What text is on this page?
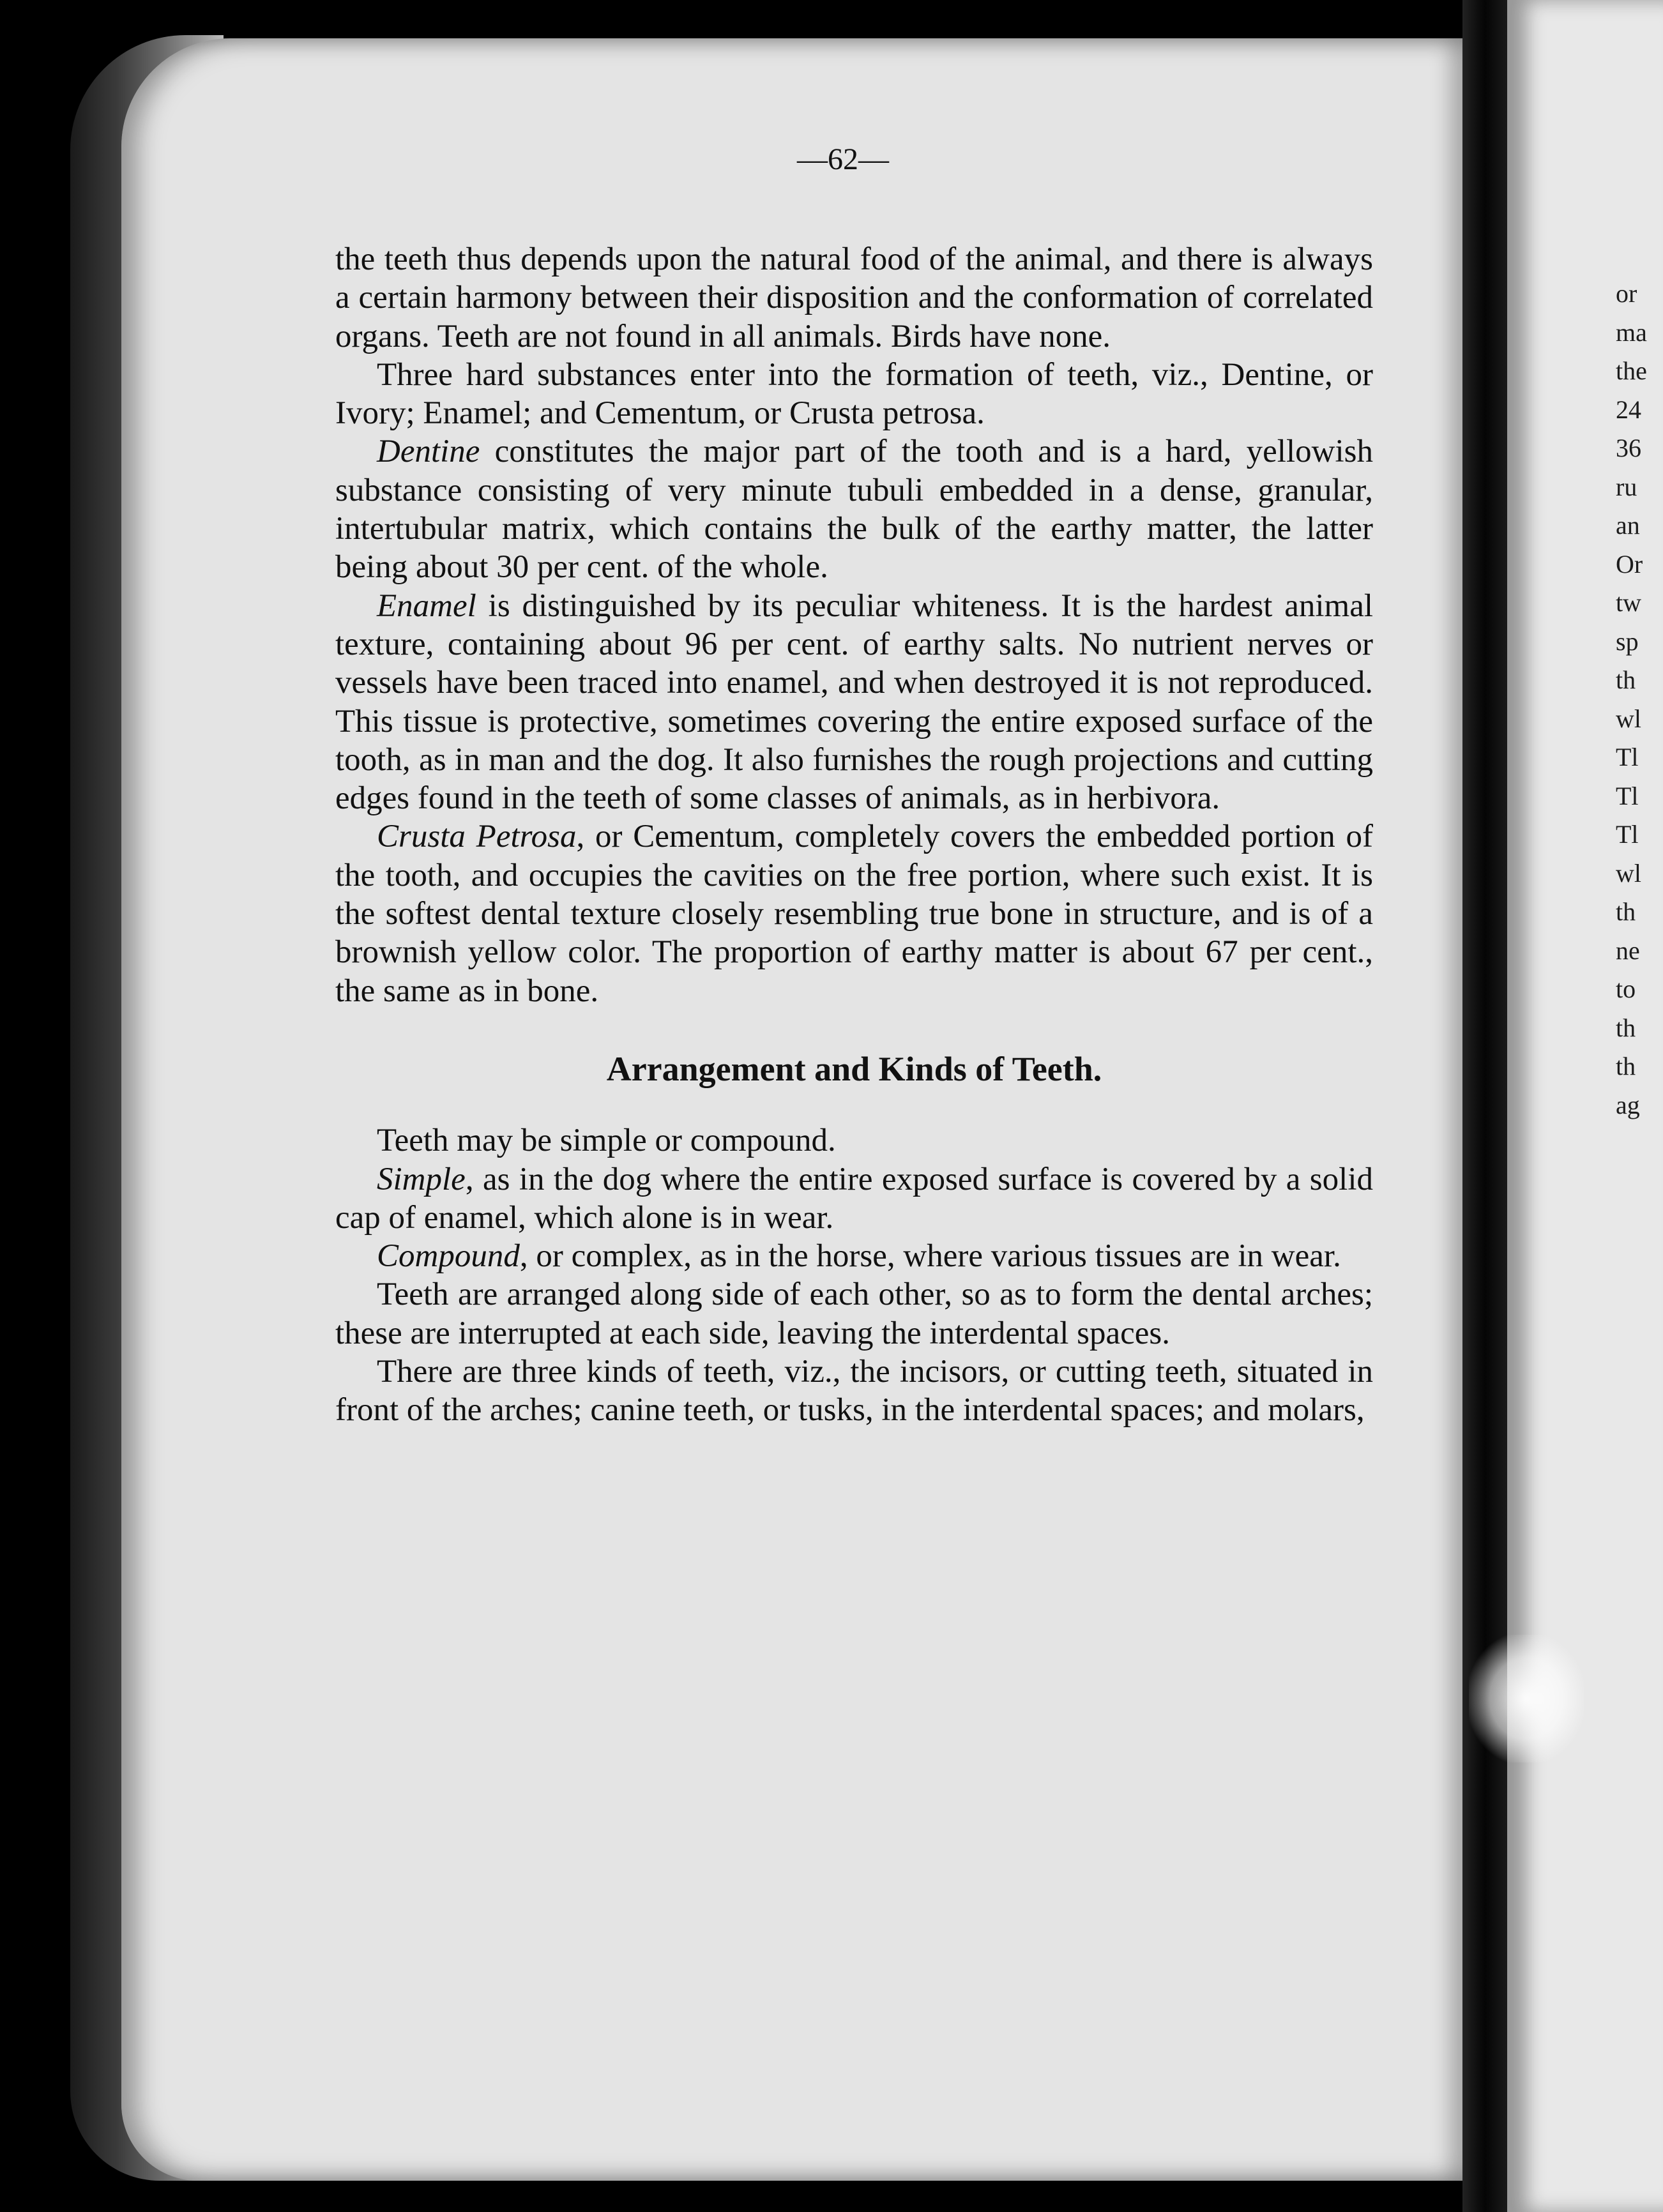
or
ma
the
24
36
ru
an
Or
tw
sp
th
wl
Tl
Tl
Tl
wl
th
ne
to
th
th
ag
—62—

the teeth thus depends upon the natural food of the animal, and there is always a certain harmony between their disposition and the conformation of correlated organs. Teeth are not found in all animals. Birds have none.

Three hard substances enter into the formation of teeth, viz., Dentine, or Ivory; Enamel; and Cementum, or Crusta petrosa.

Dentine constitutes the major part of the tooth and is a hard, yellowish substance consisting of very minute tubuli embedded in a dense, granular, intertubular matrix, which contains the bulk of the earthy matter, the latter being about 30 per cent. of the whole.

Enamel is distinguished by its peculiar whiteness. It is the hardest animal texture, containing about 96 per cent. of earthy salts. No nutrient nerves or vessels have been traced into enamel, and when destroyed it is not reproduced. This tissue is protective, sometimes covering the entire exposed surface of the tooth, as in man and the dog. It also furnishes the rough projections and cutting edges found in the teeth of some classes of animals, as in herbivora.

Crusta Petrosa, or Cementum, completely covers the embedded portion of the tooth, and occupies the cavities on the free portion, where such exist. It is the softest dental texture closely resembling true bone in structure, and is of a brownish yellow color. The proportion of earthy matter is about 67 per cent., the same as in bone.

Arrangement and Kinds of Teeth.

Teeth may be simple or compound.

Simple, as in the dog where the entire exposed surface is covered by a solid cap of enamel, which alone is in wear.

Compound, or complex, as in the horse, where various tissues are in wear.

Teeth are arranged along side of each other, so as to form the dental arches; these are interrupted at each side, leaving the interdental spaces.

There are three kinds of teeth, viz., the incisors, or cutting teeth, situated in front of the arches; canine teeth, or tusks, in the interdental spaces; and molars,
